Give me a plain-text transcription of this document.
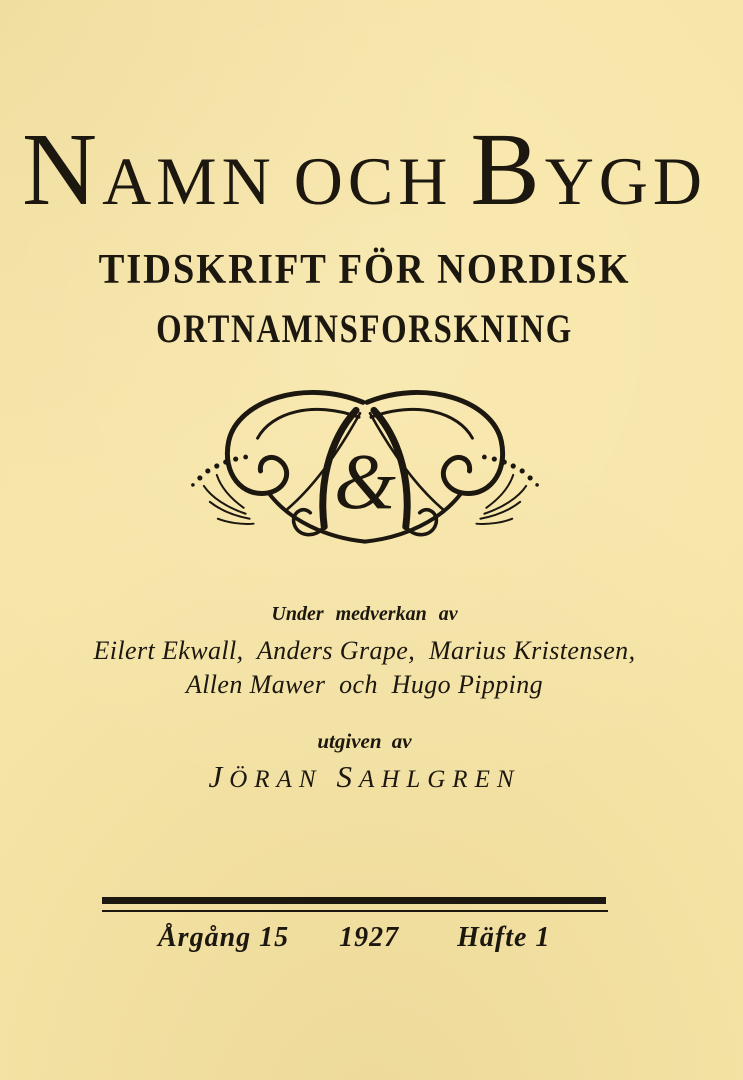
N AMN OCH B YGD
TIDSKRIFT FÖR NORDISK
ORTNAMNSFORSKNING
&
Under medverkan av
Eilert Ekwall,  Anders Grape,  Marius Kristensen,
Allen Mawer  och  Hugo Pipping
utgiven av
J ÖRAN S AHLGREN
Årgång 15 1927 Häfte 1
